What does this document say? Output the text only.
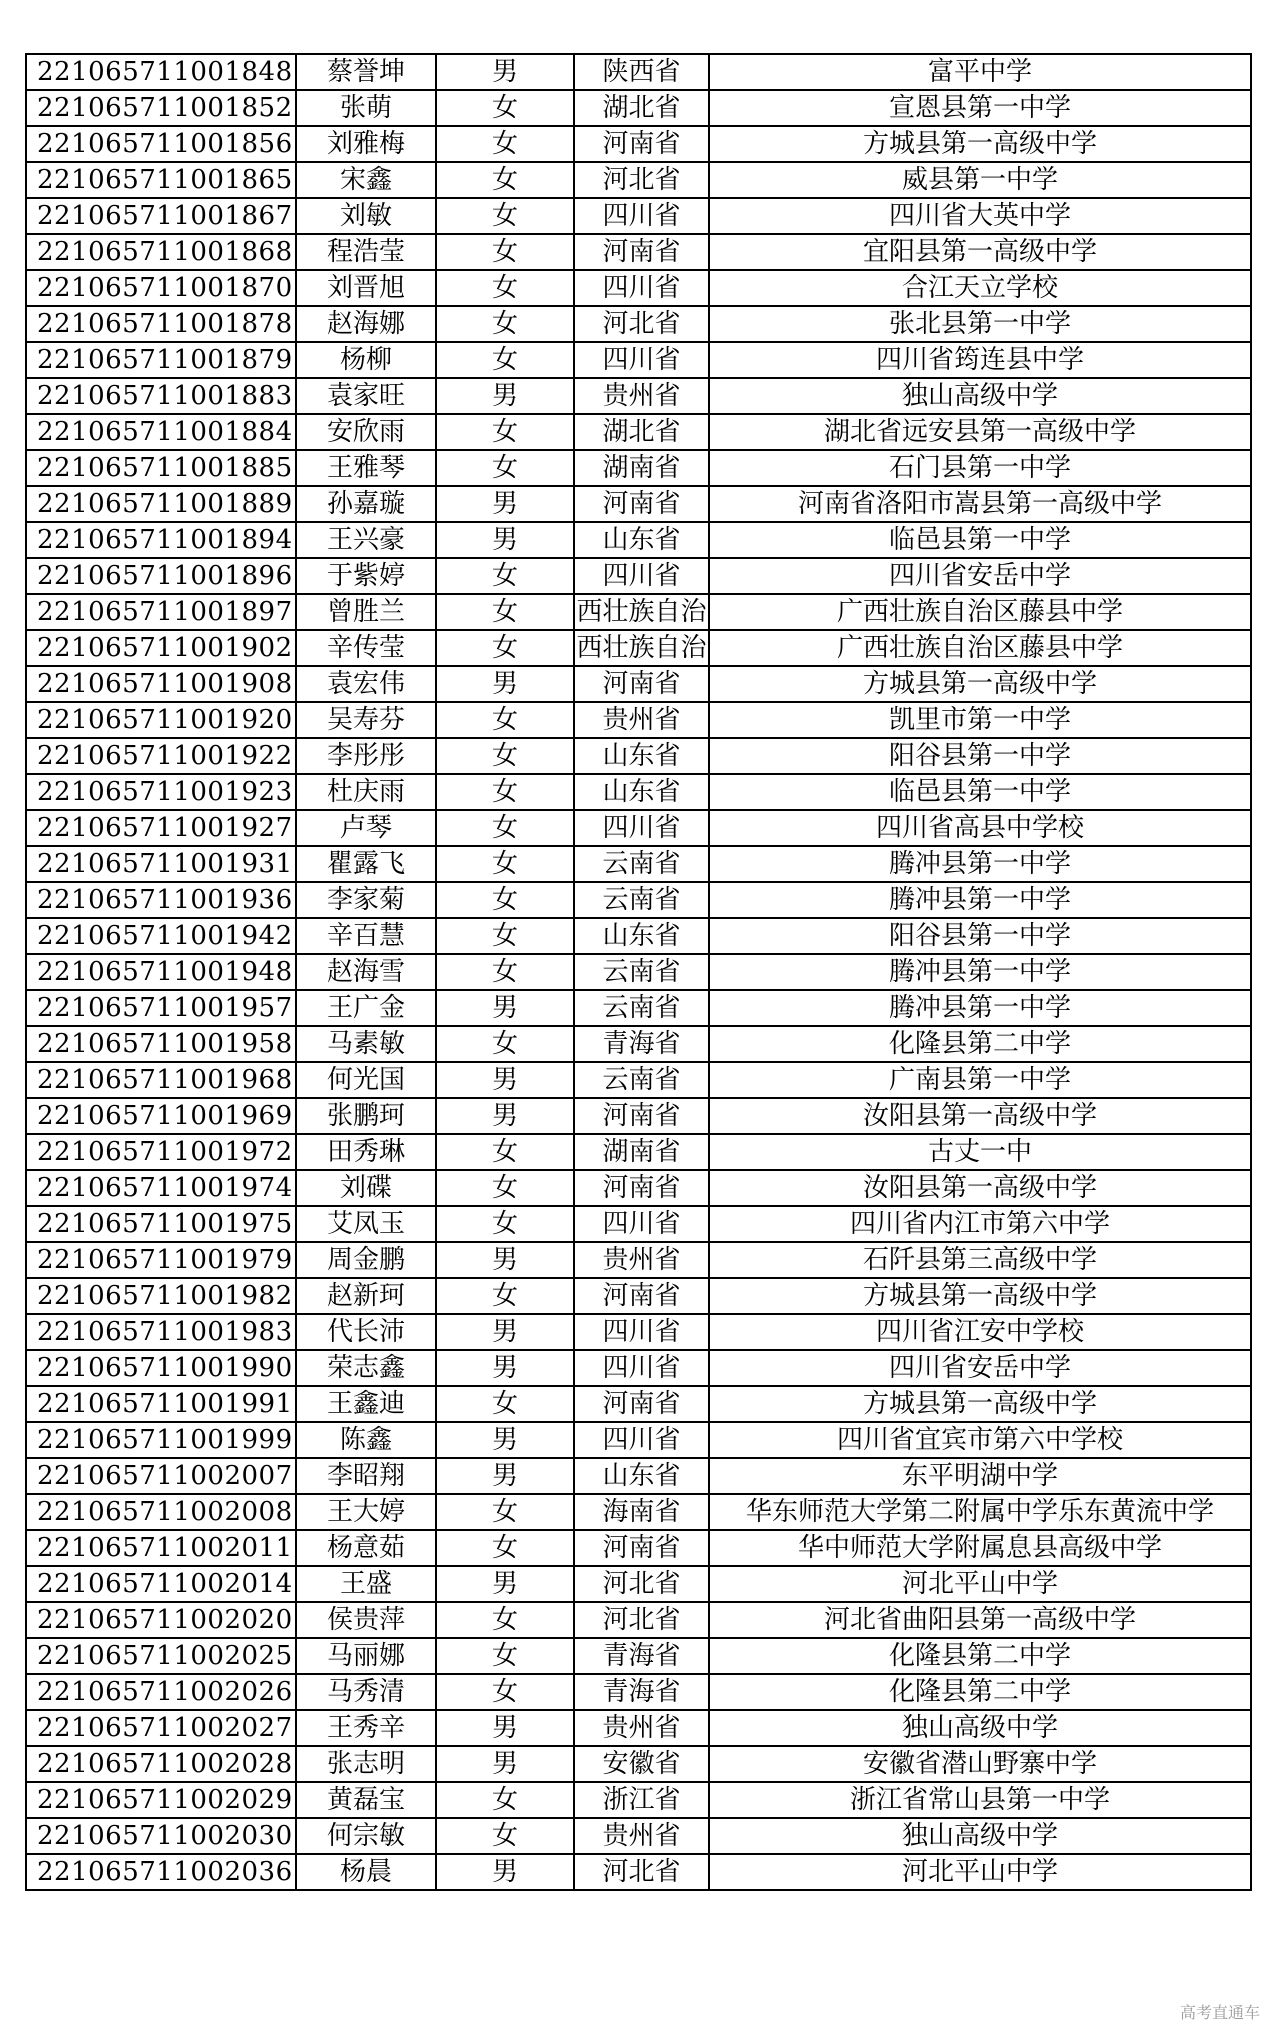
221065711001848	蔡誉坤	男	陕西省	富平中学
221065711001852	张萌	女	湖北省	宣恩县第一中学
221065711001856	刘雅梅	女	河南省	方城县第一高级中学
221065711001865	宋鑫	女	河北省	威县第一中学
221065711001867	刘敏	女	四川省	四川省大英中学
221065711001868	程浩莹	女	河南省	宜阳县第一高级中学
221065711001870	刘晋旭	女	四川省	合江天立学校
221065711001878	赵海娜	女	河北省	张北县第一中学
221065711001879	杨柳	女	四川省	四川省筠连县中学
221065711001883	袁家旺	男	贵州省	独山高级中学
221065711001884	安欣雨	女	湖北省	湖北省远安县第一高级中学
221065711001885	王雅琴	女	湖南省	石门县第一中学
221065711001889	孙嘉璇	男	河南省	河南省洛阳市嵩县第一高级中学
221065711001894	王兴豪	男	山东省	临邑县第一中学
221065711001896	于紫婷	女	四川省	四川省安岳中学
221065711001897	曾胜兰	女	西壮族自治	广西壮族自治区藤县中学
221065711001902	辛传莹	女	西壮族自治	广西壮族自治区藤县中学
221065711001908	袁宏伟	男	河南省	方城县第一高级中学
221065711001920	吴寿芬	女	贵州省	凯里市第一中学
221065711001922	李彤彤	女	山东省	阳谷县第一中学
221065711001923	杜庆雨	女	山东省	临邑县第一中学
221065711001927	卢琴	女	四川省	四川省高县中学校
221065711001931	瞿露飞	女	云南省	腾冲县第一中学
221065711001936	李家菊	女	云南省	腾冲县第一中学
221065711001942	辛百慧	女	山东省	阳谷县第一中学
221065711001948	赵海雪	女	云南省	腾冲县第一中学
221065711001957	王广金	男	云南省	腾冲县第一中学
221065711001958	马素敏	女	青海省	化隆县第二中学
221065711001968	何光国	男	云南省	广南县第一中学
221065711001969	张鹏珂	男	河南省	汝阳县第一高级中学
221065711001972	田秀琳	女	湖南省	古丈一中
221065711001974	刘碟	女	河南省	汝阳县第一高级中学
221065711001975	艾凤玉	女	四川省	四川省内江市第六中学
221065711001979	周金鹏	男	贵州省	石阡县第三高级中学
221065711001982	赵新珂	女	河南省	方城县第一高级中学
221065711001983	代长沛	男	四川省	四川省江安中学校
221065711001990	荣志鑫	男	四川省	四川省安岳中学
221065711001991	王鑫迪	女	河南省	方城县第一高级中学
221065711001999	陈鑫	男	四川省	四川省宜宾市第六中学校
221065711002007	李昭翔	男	山东省	东平明湖中学
221065711002008	王大婷	女	海南省	华东师范大学第二附属中学乐东黄流中学
221065711002011	杨意茹	女	河南省	华中师范大学附属息县高级中学
221065711002014	王盛	男	河北省	河北平山中学
221065711002020	侯贵萍	女	河北省	河北省曲阳县第一高级中学
221065711002025	马丽娜	女	青海省	化隆县第二中学
221065711002026	马秀清	女	青海省	化隆县第二中学
221065711002027	王秀辛	男	贵州省	独山高级中学
221065711002028	张志明	男	安徽省	安徽省潜山野寨中学
221065711002029	黄磊宝	女	浙江省	浙江省常山县第一中学
221065711002030	何宗敏	女	贵州省	独山高级中学
221065711002036	杨晨	男	河北省	河北平山中学
高考直通车
